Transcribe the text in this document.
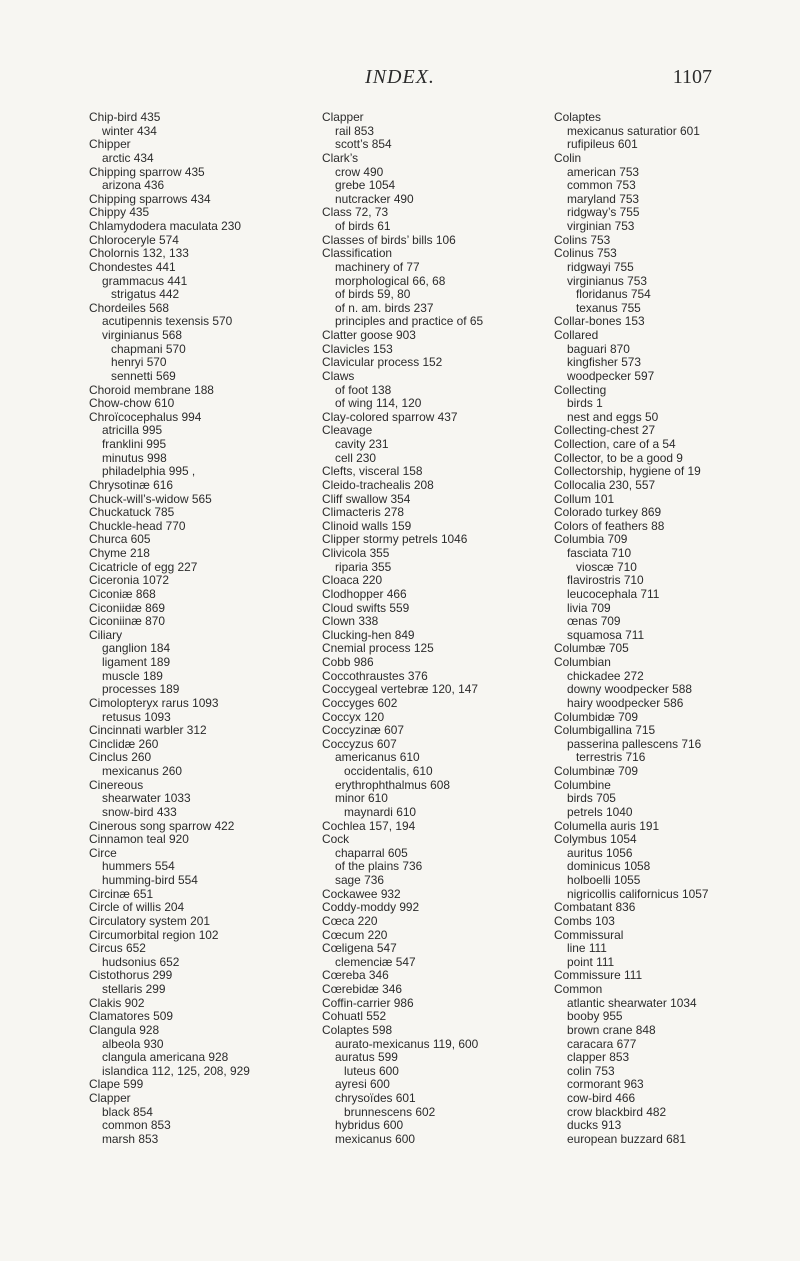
INDEX.	1107
Chip-bird 435
winter 434
Chipper
arctic 434
Chipping sparrow 435
arizona 436
Chipping sparrows 434
Chippy 435
Chlamydodera maculata 230
Chloroceryle 574
Cholornis 132, 133
Chondestes 441
grammacus 441
strigatus 442
Chordeiles 568
acutipennis texensis 570
virginianus 568
chapmani 570
henryi 570
sennetti 569
Choroid membrane 188
Chow-chow 610
Chroïcocephalus 994
atricilla 995
franklini 995
minutus 998
philadelphia 995 ,
Chrysotinæ 616
Chuck-will’s-widow 565
Chuckatuck 785
Chuckle-head 770
Churca 605
Chyme 218
Cicatricle of egg 227
Ciceronia 1072
Ciconiæ 868
Ciconiidæ 869
Ciconiinæ 870
Ciliary
ganglion 184
ligament 189
muscle 189
processes 189
Cimolopteryx rarus 1093
retusus 1093
Cincinnati warbler 312
Cinclidæ 260
Cinclus 260
mexicanus 260
Cinereous
shearwater 1033
snow-bird 433
Cinerous song sparrow 422
Cinnamon teal 920
Circe
hummers 554
humming-bird 554
Circinæ 651
Circle of willis 204
Circulatory system 201
Circumorbital region 102
Circus 652
hudsonius 652
Cistothorus 299
stellaris 299
Clakis 902
Clamatores 509
Clangula 928
albeola 930
clangula americana 928
islandica 112, 125, 208, 929
Clape 599
Clapper
black 854
common 853
marsh 853
Clapper
rail 853
scott’s 854
Clark’s
crow 490
grebe 1054
nutcracker 490
Class 72, 73
of birds 61
Classes of birds’ bills 106
Classification
machinery of 77
morphological 66, 68
of birds 59, 80
of n. am. birds 237
principles and practice of 65
Clatter goose 903
Clavicles 153
Clavicular process 152
Claws
of foot 138
of wing 114, 120
Clay-colored sparrow 437
Cleavage
cavity 231
cell 230
Clefts, visceral 158
Cleido-trachealis 208
Cliff swallow 354
Climacteris 278
Clinoid walls 159
Clipper stormy petrels 1046
Clivicola 355
riparia 355
Cloaca 220
Clodhopper 466
Cloud swifts 559
Clown 338
Clucking-hen 849
Cnemial process 125
Cobb 986
Coccothraustes 376
Coccygeal vertebræ 120, 147
Coccyges 602
Coccyx 120
Coccyzinæ 607
Coccyzus 607
americanus 610
occidentalis, 610
erythrophthalmus 608
minor 610
maynardi 610
Cochlea 157, 194
Cock
chaparral 605
of the plains 736
sage 736
Cockawee 932
Coddy-moddy 992
Cœca 220
Cœcum 220
Cœligena 547
clemenciæ 547
Cœreba 346
Cœrebidæ 346
Coffin-carrier 986
Cohuatl 552
Colaptes 598
aurato-mexicanus 119, 600
auratus 599
luteus 600
ayresi 600
chrysoïdes 601
brunnescens 602
hybridus 600
mexicanus 600
Colaptes
mexicanus saturatior 601
rufipileus 601
Colin
american 753
common 753
maryland 753
ridgway’s 755
virginian 753
Colins 753
Colinus 753
ridgwayi 755
virginianus 753
floridanus 754
texanus 755
Collar-bones 153
Collared
baguari 870
kingfisher 573
woodpecker 597
Collecting
birds 1
nest and eggs 50
Collecting-chest 27
Collection, care of a 54
Collector, to be a good 9
Collectorship, hygiene of 19
Collocalia 230, 557
Collum 101
Colorado turkey 869
Colors of feathers 88
Columbia 709
fasciata 710
vioscæ 710
flavirostris 710
leucocephala 711
livia 709
œnas 709
squamosa 711
Columbæ 705
Columbian
chickadee 272
downy woodpecker 588
hairy woodpecker 586
Columbidæ 709
Columbigallina 715
passerina pallescens 716
terrestris 716
Columbinæ 709
Columbine
birds 705
petrels 1040
Columella auris 191
Colymbus 1054
auritus 1056
dominicus 1058
holboelli 1055
nigricollis californicus 1057
Combatant 836
Combs 103
Commissural
line 111
point 111
Commissure 111
Common
atlantic shearwater 1034
booby 955
brown crane 848
caracara 677
clapper 853
colin 753
cormorant 963
cow-bird 466
crow blackbird 482
ducks 913
european buzzard 681
